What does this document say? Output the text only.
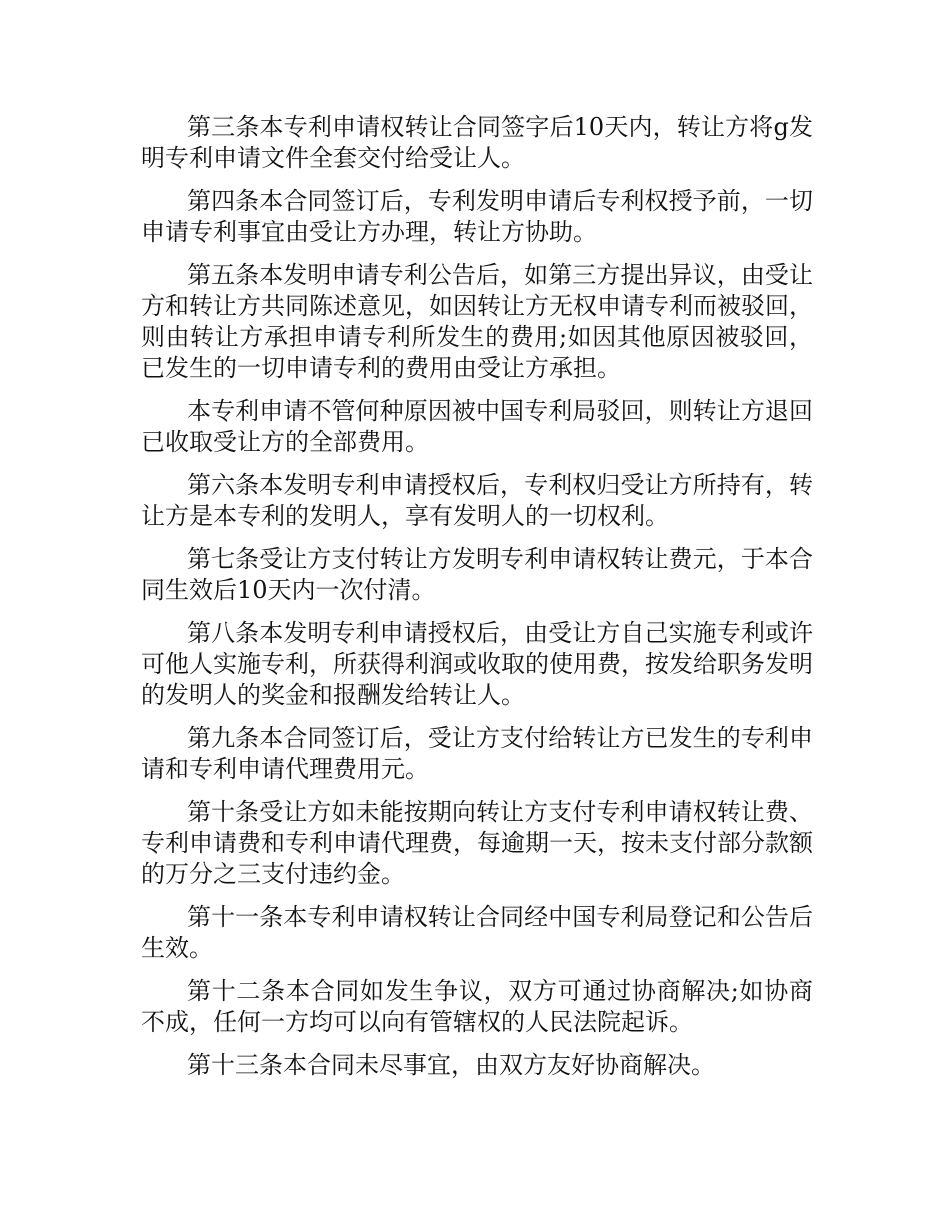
第三条本专利申请权转让合同签字后10天内，转让方将g发明专利申请文件全套交付给受让人。

第四条本合同签订后，专利发明申请后专利权授予前，一切申请专利事宜由受让方办理，转让方协助。

第五条本发明申请专利公告后，如第三方提出异议，由受让方和转让方共同陈述意见，如因转让方无权申请专利而被驳回，则由转让方承担申请专利所发生的费用;如因其他原因被驳回，已发生的一切申请专利的费用由受让方承担。

本专利申请不管何种原因被中国专利局驳回，则转让方退回已收取受让方的全部费用。

第六条本发明专利申请授权后，专利权归受让方所持有，转让方是本专利的发明人，享有发明人的一切权利。

第七条受让方支付转让方发明专利申请权转让费元，于本合同生效后10天内一次付清。

第八条本发明专利申请授权后，由受让方自己实施专利或许可他人实施专利，所获得利润或收取的使用费，按发给职务发明的发明人的奖金和报酬发给转让人。

第九条本合同签订后，受让方支付给转让方已发生的专利申请和专利申请代理费用元。

第十条受让方如未能按期向转让方支付专利申请权转让费、专利申请费和专利申请代理费，每逾期一天，按未支付部分款额的万分之三支付违约金。

第十一条本专利申请权转让合同经中国专利局登记和公告后生效。

第十二条本合同如发生争议，双方可通过协商解决;如协商不成，任何一方均可以向有管辖权的人民法院起诉。

第十三条本合同未尽事宜，由双方友好协商解决。
